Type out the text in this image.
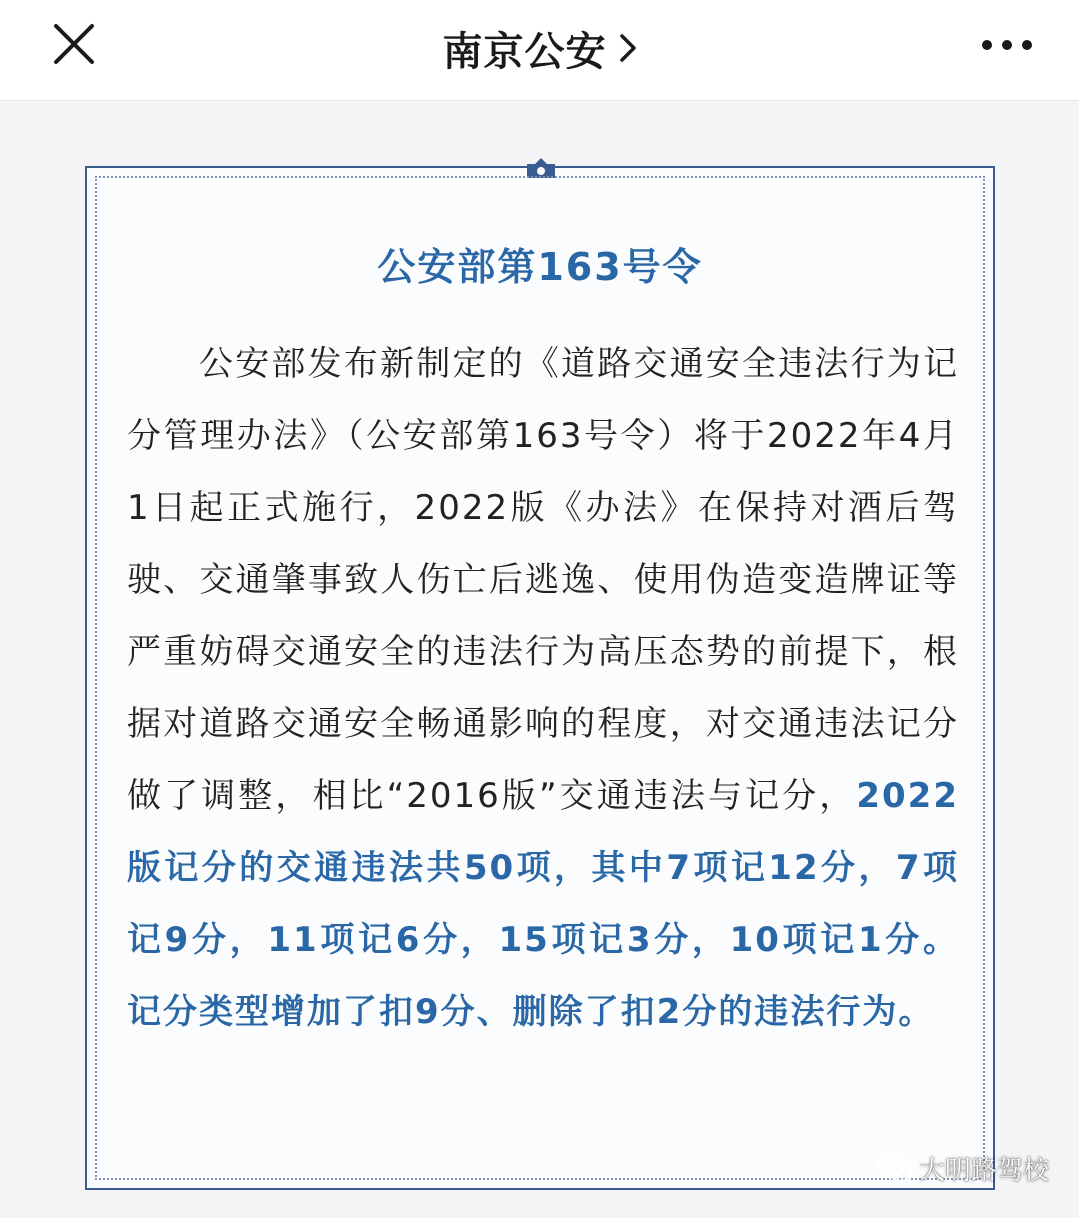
南京公安
公安部第163号令
公安部发布新制定的《道路交通安全违法行为记分管理办法》（公安部第163号令）将于2022年4月1日起正式施行，2022版《办法》在保持对酒后驾驶、交通肇事致人伤亡后逃逸、使用伪造变造牌证等严重妨碍交通安全的违法行为高压态势的前提下，根据对道路交通安全畅通影响的程度，对交通违法记分做了调整，相比“2016版”交通违法与记分，2022版记分的交通违法共50项，其中7项记12分，7项记9分，11项记6分，15项记3分，10项记1分。记分类型增加了扣9分、删除了扣2分的违法行为。
大明路驾校
